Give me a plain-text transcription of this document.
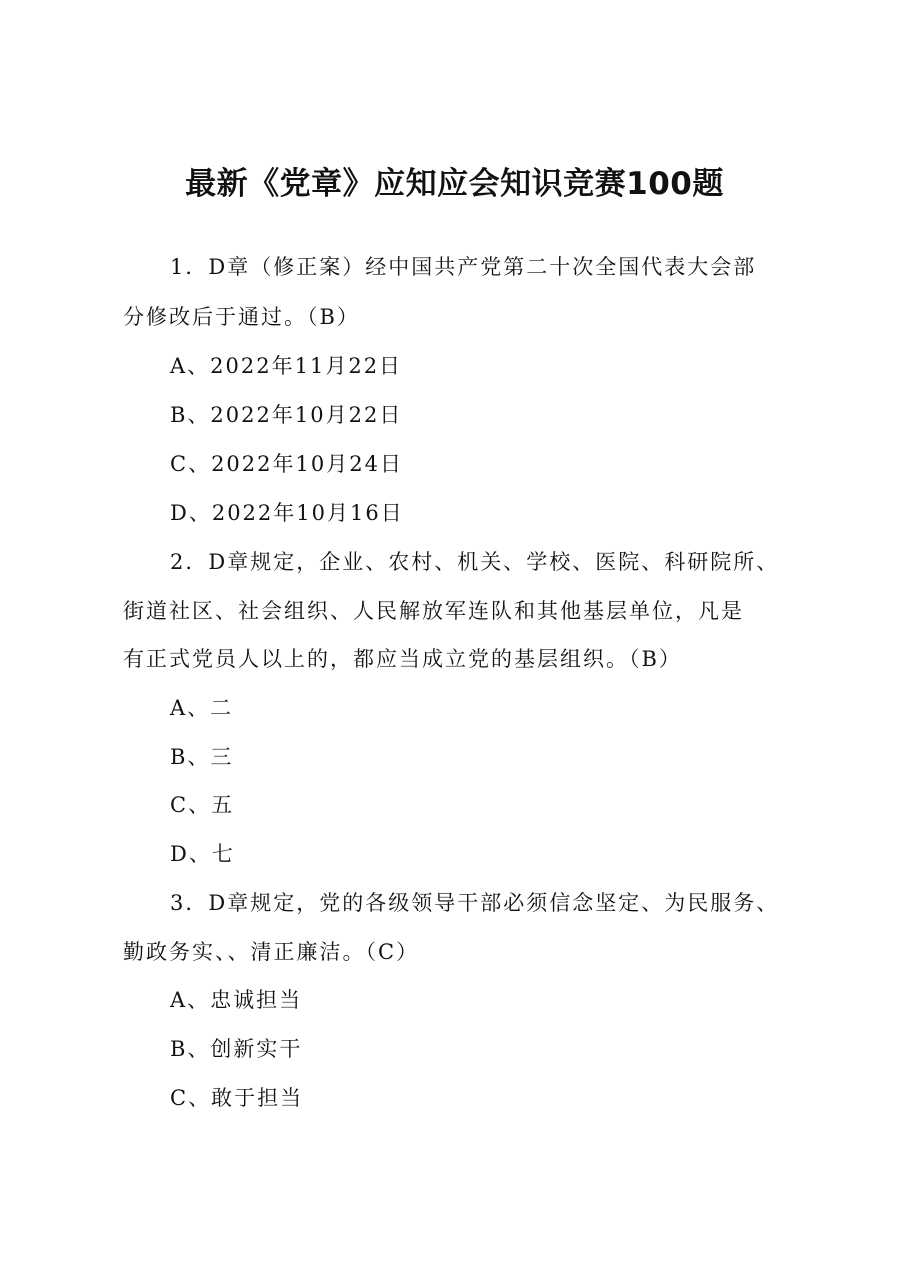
最新《党章》应知应会知识竞赛100题
1．D章（修正案）经中国共产党第二十次全国代表大会部
分修改后于通过。（B）
A、2022年11月22日
B、2022年10月22日
C、2022年10月24日
D、2022年10月16日
2．D章规定，企业、农村、机关、学校、医院、科研院所、
街道社区、社会组织、人民解放军连队和其他基层单位，凡是
有正式党员人以上的，都应当成立党的基层组织。（B）
A、二
B、三
C、五
D、七
3．D章规定，党的各级领导干部必须信念坚定、为民服务、
勤政务实、、清正廉洁。（C）
A、忠诚担当
B、创新实干
C、敢于担当
